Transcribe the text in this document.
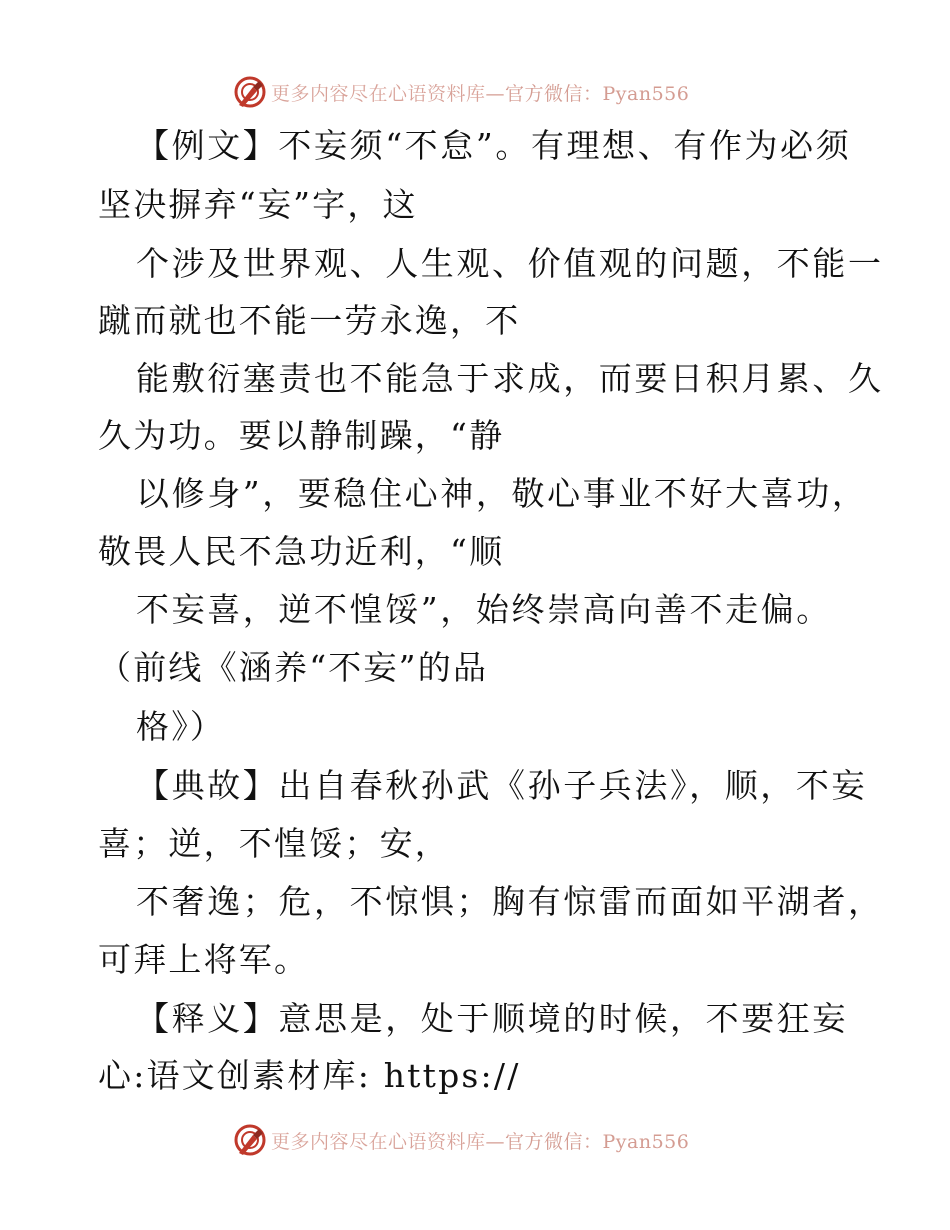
更多内容尽在心语资料库—官方微信：Pyan556
【例文】不妄须“不怠”。有理想、有作为必须
坚决摒弃“妄”字，这
个涉及世界观、人生观、价值观的问题，不能一
蹴而就也不能一劳永逸，不
能敷衍塞责也不能急于求成，而要日积月累、久
久为功。要以静制躁，“静
以修身”，要稳住心神，敬心事业不好大喜功，
敬畏人民不急功近利，“顺
不妄喜，逆不惶馁”，始终崇高向善不走偏。
（前线《涵养“不妄”的品
格》）
【典故】出自春秋孙武《孙子兵法》，顺，不妄
喜；逆，不惶馁；安，
不奢逸；危，不惊惧；胸有惊雷而面如平湖者，
可拜上将军。
【释义】意思是，处于顺境的时候，不要狂妄
心:语文创素材库: https://
更多内容尽在心语资料库—官方微信：Pyan556
